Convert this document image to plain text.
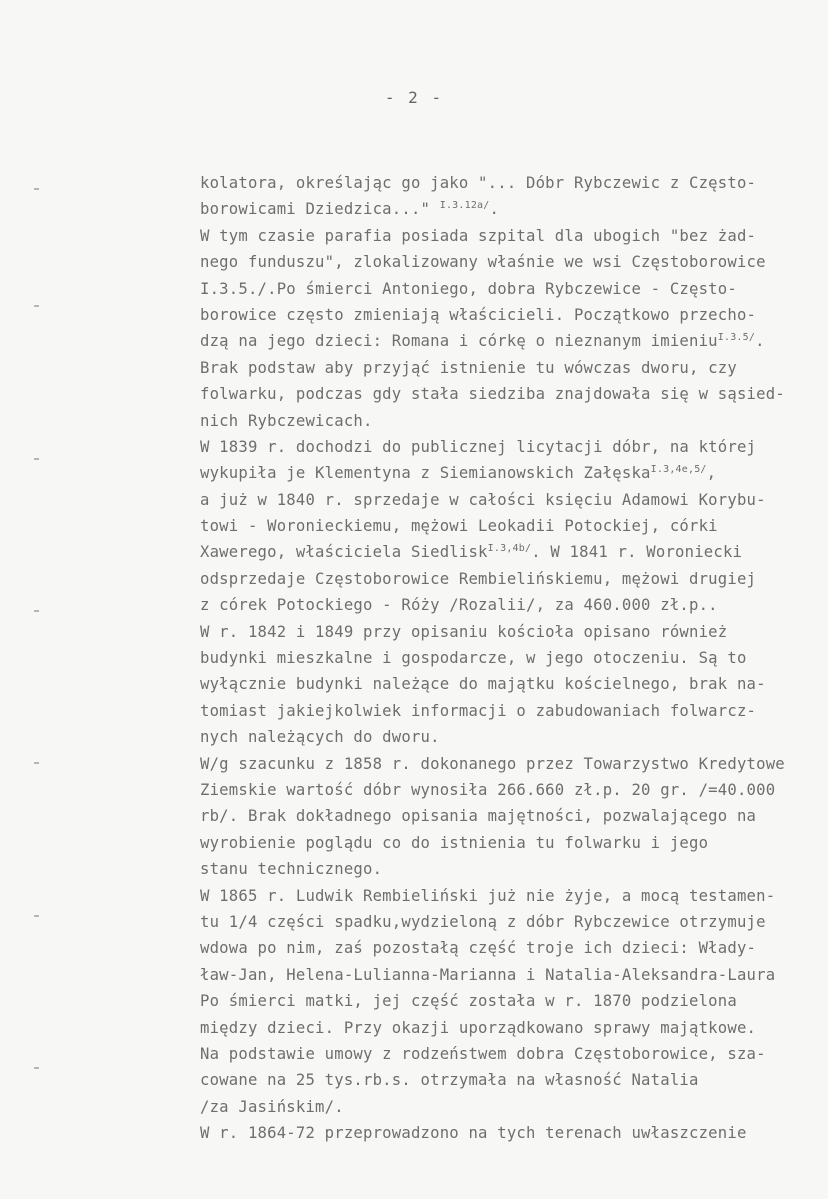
- 2 -
kolatora, określając go jako "... Dóbr Rybczewic z Często-
borowicami Dziedzica..." $^{I.3.12a/}$.
W tym czasie parafia posiada szpital dla ubogich "bez żad-
nego funduszu", zlokalizowany właśnie we wsi Częstoborowice
I.3.5./.Po śmierci Antoniego, dobra Rybczewice - Często-
borowice często zmieniają właścicieli. Początkowo przecho-
dzą na jego dzieci: Romana i córkę o nieznanym imieniu$^{I.3.5/}$.
Brak podstaw aby przyjąć istnienie tu wówczas dworu, czy
folwarku, podczas gdy stała siedziba znajdowała się w sąsied-
nich Rybczewicach.
W 1839 r. dochodzi do publicznej licytacji dóbr, na której
wykupiła je Klementyna z Siemianowskich Załęska$^{I.3,4e,5/}$,
a już w 1840 r. sprzedaje w całości księciu Adamowi Korybu-
towi - Woronieckiemu, mężowi Leokadii Potockiej, córki
Xawerego, właściciela Siedlisk$^{I.3,4b/}$. W 1841 r. Woroniecki
odsprzedaje Częstoborowice Rembielińskiemu, mężowi drugiej
z córek Potockiego - Róży /Rozalii/, za 460.000 zł.p..
W r. 1842 i 1849 przy opisaniu kościoła opisano również
budynki mieszkalne i gospodarcze, w jego otoczeniu. Są to
wyłącznie budynki należące do majątku kościelnego, brak na-
tomiast jakiejkolwiek informacji o zabudowaniach folwarcz-
nych należących do dworu.
W/g szacunku z 1858 r. dokonanego przez Towarzystwo Kredytowe
Ziemskie wartość dóbr wynosiła 266.660 zł.p. 20 gr. /=40.000
rb/. Brak dokładnego opisania majętności, pozwalającego na
wyrobienie poglądu co do istnienia tu folwarku i jego
stanu technicznego.
W 1865 r. Ludwik Rembieliński już nie żyje, a mocą testamen-
tu 1/4 części spadku,wydzieloną z dóbr Rybczewice otrzymuje
wdowa po nim, zaś pozostałą część troje ich dzieci: Włady-
ław-Jan, Helena-Lulianna-Marianna i Natalia-Aleksandra-Laura
Po śmierci matki, jej część została w r. 1870 podzielona
między dzieci. Przy okazji uporządkowano sprawy majątkowe.
Na podstawie umowy z rodzeństwem dobra Częstoborowice, sza-
cowane na 25 tys.rb.s. otrzymała na własność Natalia
/za Jasińskim/.
W r. 1864-72 przeprowadzono na tych terenach uwłaszczenie
